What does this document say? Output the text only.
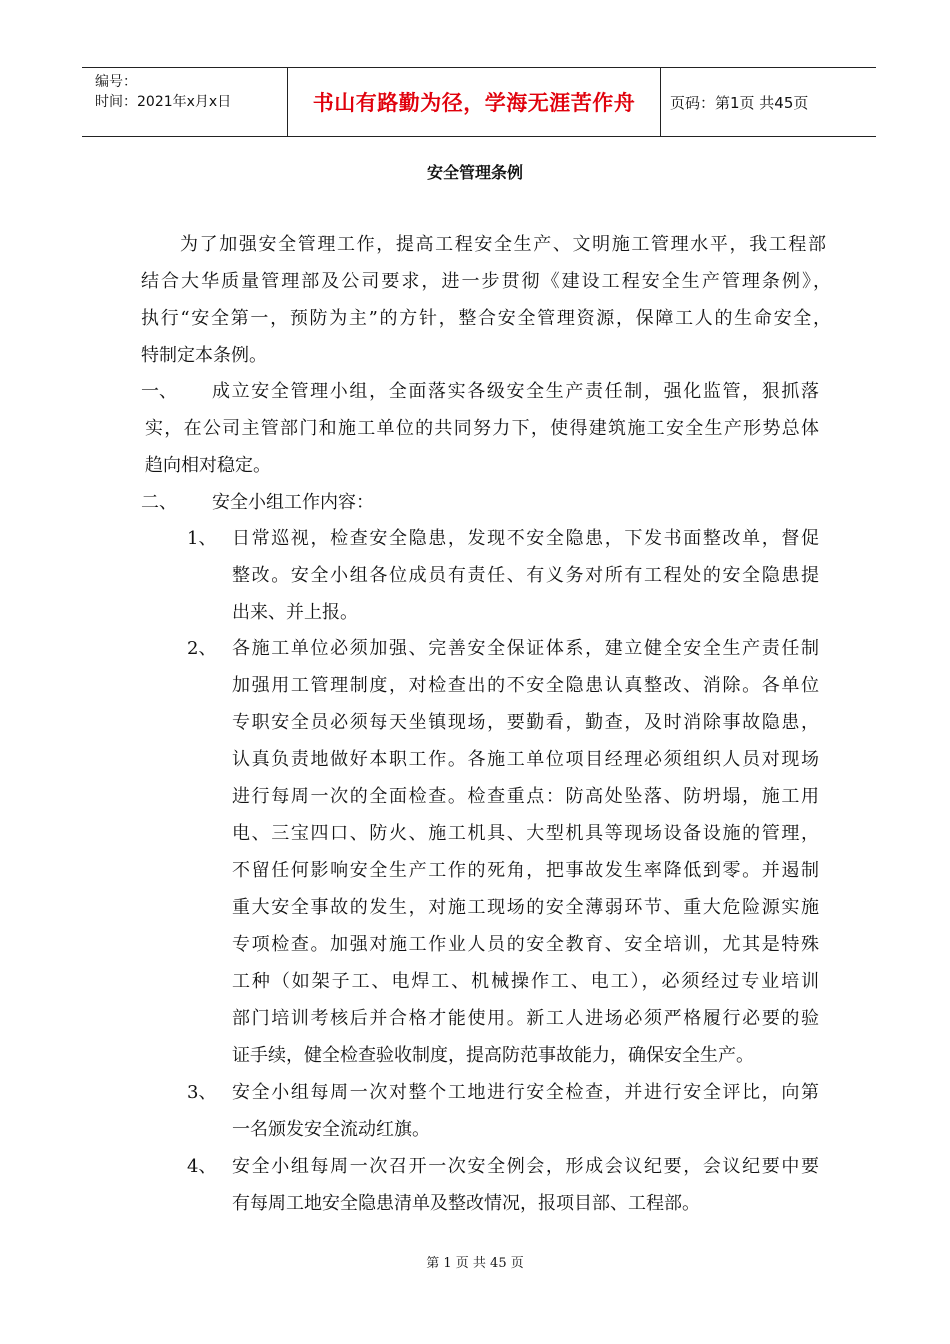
编号：
时间：2021年x月x日	书山有路勤为径，学海无涯苦作舟	页码：第1页 共45页
安全管理条例
为了加强安全管理工作，提高工程安全生产、文明施工管理水平，我工程部
结合大华质量管理部及公司要求，进一步贯彻《建设工程安全生产管理条例》，
执行“安全第一，预防为主”的方针，整合安全管理资源，保障工人的生命安全，
特制定本条例。
一、 成立安全管理小组，全面落实各级安全生产责任制，强化监管，狠抓落
实，在公司主管部门和施工单位的共同努力下，使得建筑施工安全生产形势总体
趋向相对稳定。
二、 安全小组工作内容：
1、 日常巡视，检查安全隐患，发现不安全隐患，下发书面整改单，督促
整改。安全小组各位成员有责任、有义务对所有工程处的安全隐患提
出来、并上报。
2、 各施工单位必须加强、完善安全保证体系，建立健全安全生产责任制
加强用工管理制度，对检查出的不安全隐患认真整改、消除。各单位
专职安全员必须每天坐镇现场，要勤看，勤查，及时消除事故隐患，
认真负责地做好本职工作。各施工单位项目经理必须组织人员对现场
进行每周一次的全面检查。检查重点：防高处坠落、防坍塌，施工用
电、三宝四口、防火、施工机具、大型机具等现场设备设施的管理，
不留任何影响安全生产工作的死角，把事故发生率降低到零。并遏制
重大安全事故的发生，对施工现场的安全薄弱环节、重大危险源实施
专项检查。加强对施工作业人员的安全教育、安全培训，尤其是特殊
工种（如架子工、电焊工、机械操作工、电工），必须经过专业培训
部门培训考核后并合格才能使用。新工人进场必须严格履行必要的验
证手续，健全检查验收制度，提高防范事故能力，确保安全生产。
3、 安全小组每周一次对整个工地进行安全检查，并进行安全评比，向第
一名颁发安全流动红旗。
4、 安全小组每周一次召开一次安全例会，形成会议纪要，会议纪要中要
有每周工地安全隐患清单及整改情况，报项目部、工程部。
第 1 页 共 45 页
